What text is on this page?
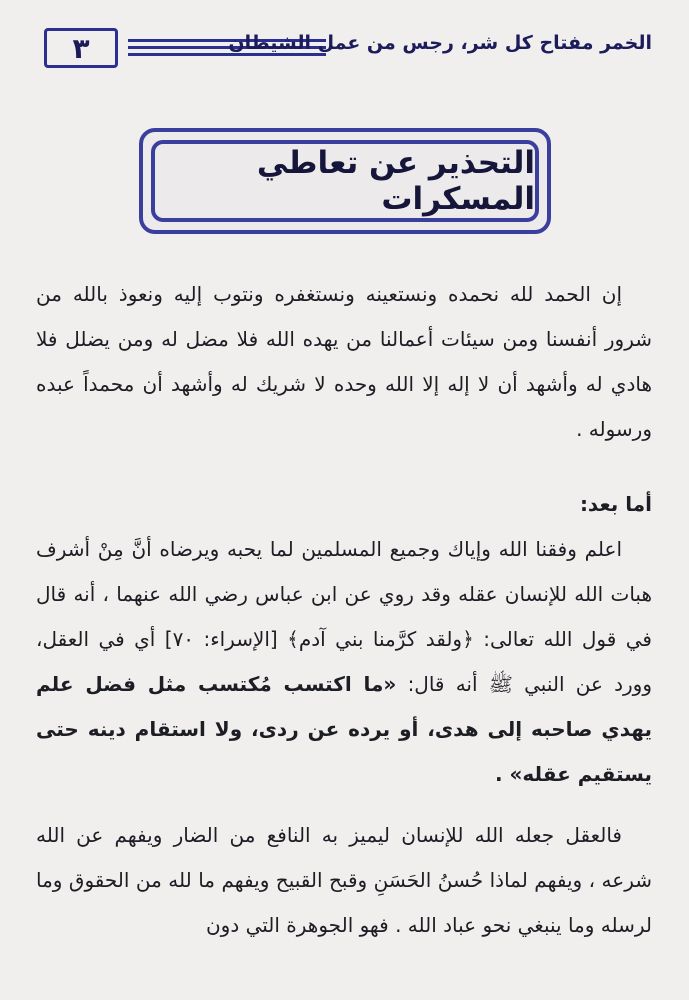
٣	الخمر مفتاح كل شر، رجس من عمل الشيطان
التحذير عن تعاطي المسكرات
إن الحمد لله نحمده ونستعينه ونستغفره ونتوب إليه ونعوذ بالله من شرور أنفسنا ومن سيئات أعمالنا من يهده الله فلا مضل له ومن يضلل فلا هادي له وأشهد أن لا إله إلا الله وحده لا شريك له وأشهد أن محمداً عبده ورسوله .
أما بعد:
اعلم وفقنا الله وإياك وجميع المسلمين لما يحبه ويرضاه أنَّ مِنْ أشرف هبات الله للإنسان عقله وقد روي عن ابن عباس رضي الله عنهما ، أنه قال في قول الله تعالى: ﴿ولقد كرَّمنا بني آدم﴾ [الإسراء: ٧٠] أي في العقل، وورد عن النبي ﷺ أنه قال: «ما اكتسب مُكتسب مثل فضل علم يهدي صاحبه إلى هدى، أو يرده عن ردى، ولا استقام دينه حتى يستقيم عقله» .
فالعقل جعله الله للإنسان ليميز به النافع من الضار ويفهم عن الله شرعه ، ويفهم لماذا حُسنُ الحَسَنِ وقبح القبيح ويفهم ما لله من الحقوق وما لرسله وما ينبغي نحو عباد الله . فهو الجوهرة التي دون
